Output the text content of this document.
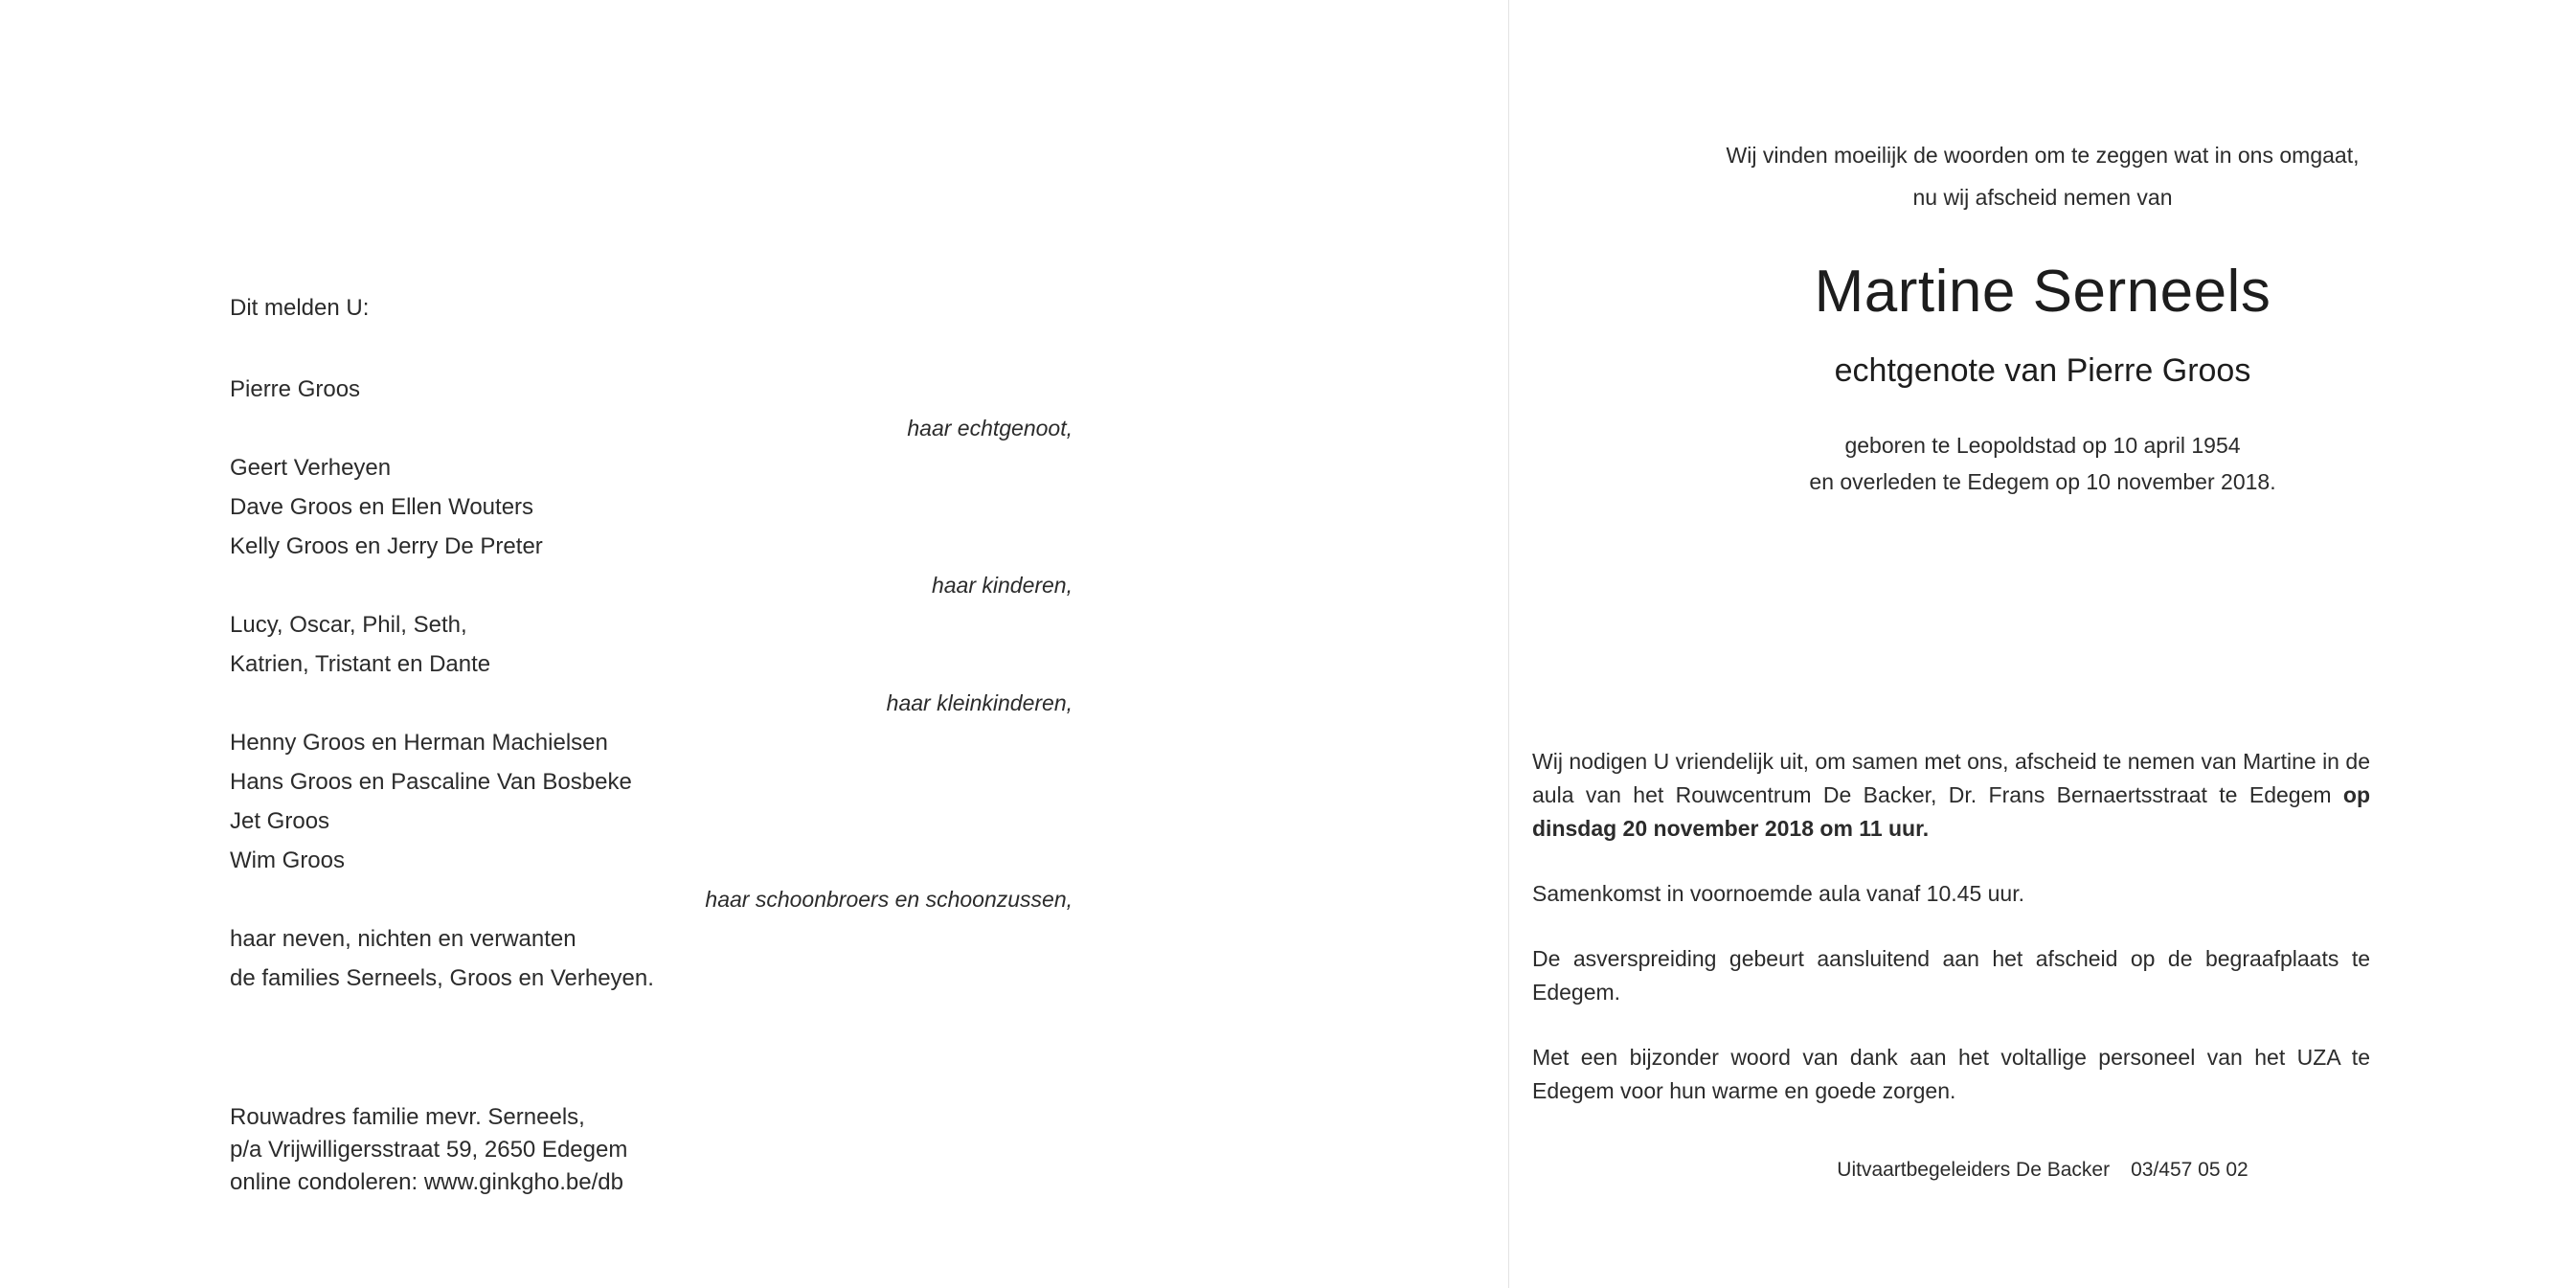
Dit melden U:
Pierre Groos
haar echtgenoot,
Geert Verheyen
Dave Groos en Ellen Wouters
Kelly Groos en Jerry De Preter
haar kinderen,
Lucy, Oscar, Phil, Seth,
Katrien, Tristant en Dante
haar kleinkinderen,
Henny Groos en Herman Machielsen
Hans Groos en Pascaline Van Bosbeke
Jet Groos
Wim Groos
haar schoonbroers en schoonzussen,
haar neven, nichten en verwanten
de families Serneels, Groos en Verheyen.
Rouwadres familie mevr. Serneels,
p/a Vrijwilligersstraat 59, 2650 Edegem
online condoleren: www.ginkgho.be/db
Wij vinden moeilijk de woorden om te zeggen wat in ons omgaat,
nu wij afscheid nemen van
Martine Serneels
echtgenote van Pierre Groos
geboren te Leopoldstad op 10 april 1954
en overleden te Edegem op 10 november 2018.

Wij nodigen U vriendelijk uit, om samen met ons, afscheid te nemen van Martine in de aula van het Rouwcentrum De Backer, Dr. Frans Bernaertsstraat te Edegem op dinsdag 20 november 2018 om 11 uur.

Samenkomst in voornoemde aula vanaf 10.45 uur.

De asverspreiding gebeurt aansluitend aan het afscheid op de begraafplaats te Edegem.

Met een bijzonder woord van dank aan het voltallige personeel van het UZA te Edegem voor hun warme en goede zorgen.

Uitvaartbegeleiders De Backer 03/457 05 02
